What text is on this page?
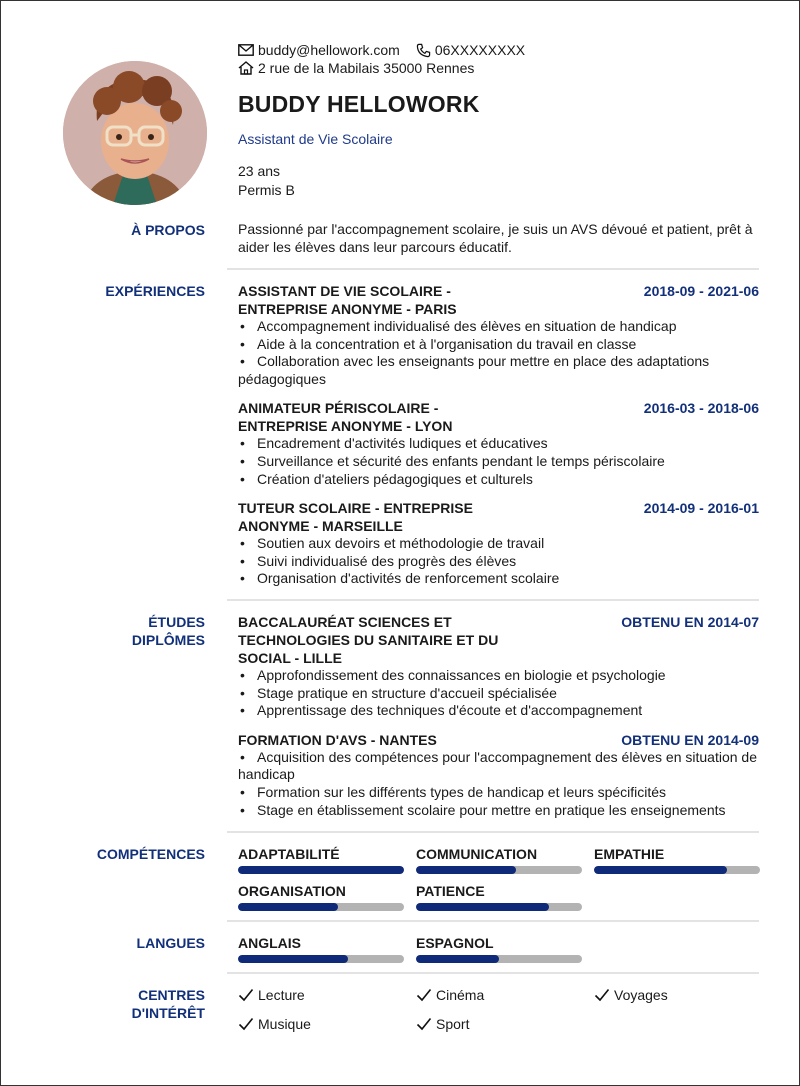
buddy@hellowork.com	06XXXXXXXX
2 rue de la Mabilais 35000 Rennes
BUDDY HELLOWORK
Assistant de Vie Scolaire
23 ans
Permis B
À PROPOS Passionné par l'accompagnement scolaire, je suis un AVS dévoué et patient, prêt à aider les élèves dans leur parcours éducatif.
EXPÉRIENCES ASSISTANT DE VIE SCOLAIRE -
ENTREPRISE ANONYME - PARIS
2018-09 - 2021-06
• Accompagnement individualisé des élèves en situation de handicap
• Aide à la concentration et à l'organisation du travail en classe
• Collaboration avec les enseignants pour mettre en place des adaptations pédagogiques
ANIMATEUR PÉRISCOLAIRE -
ENTREPRISE ANONYME - LYON
2016-03 - 2018-06
• Encadrement d'activités ludiques et éducatives
• Surveillance et sécurité des enfants pendant le temps périscolaire
• Création d'ateliers pédagogiques et culturels
TUTEUR SCOLAIRE - ENTREPRISE
ANONYME - MARSEILLE
2014-09 - 2016-01
• Soutien aux devoirs et méthodologie de travail
• Suivi individualisé des progrès des élèves
• Organisation d'activités de renforcement scolaire
ÉTUDES
DIPLÔMES
BACCALAURÉAT SCIENCES ET
TECHNOLOGIES DU SANITAIRE ET DU
SOCIAL - LILLE
OBTENU EN 2014-07
• Approfondissement des connaissances en biologie et psychologie
• Stage pratique en structure d'accueil spécialisée
• Apprentissage des techniques d'écoute et d'accompagnement
FORMATION D'AVS - NANTES	OBTENU EN 2014-09
• Acquisition des compétences pour l'accompagnement des élèves en situation de handicap
• Formation sur les différents types de handicap et leurs spécificités
• Stage en établissement scolaire pour mettre en pratique les enseignements
COMPÉTENCES ADAPTABILITÉ	COMMUNICATION	EMPATHIE
ORGANISATION	PATIENCE
LANGUES ANGLAIS	ESPAGNOL
CENTRES
D'INTÉRÊT
Lecture	Cinéma	Voyages
Musique	Sport
